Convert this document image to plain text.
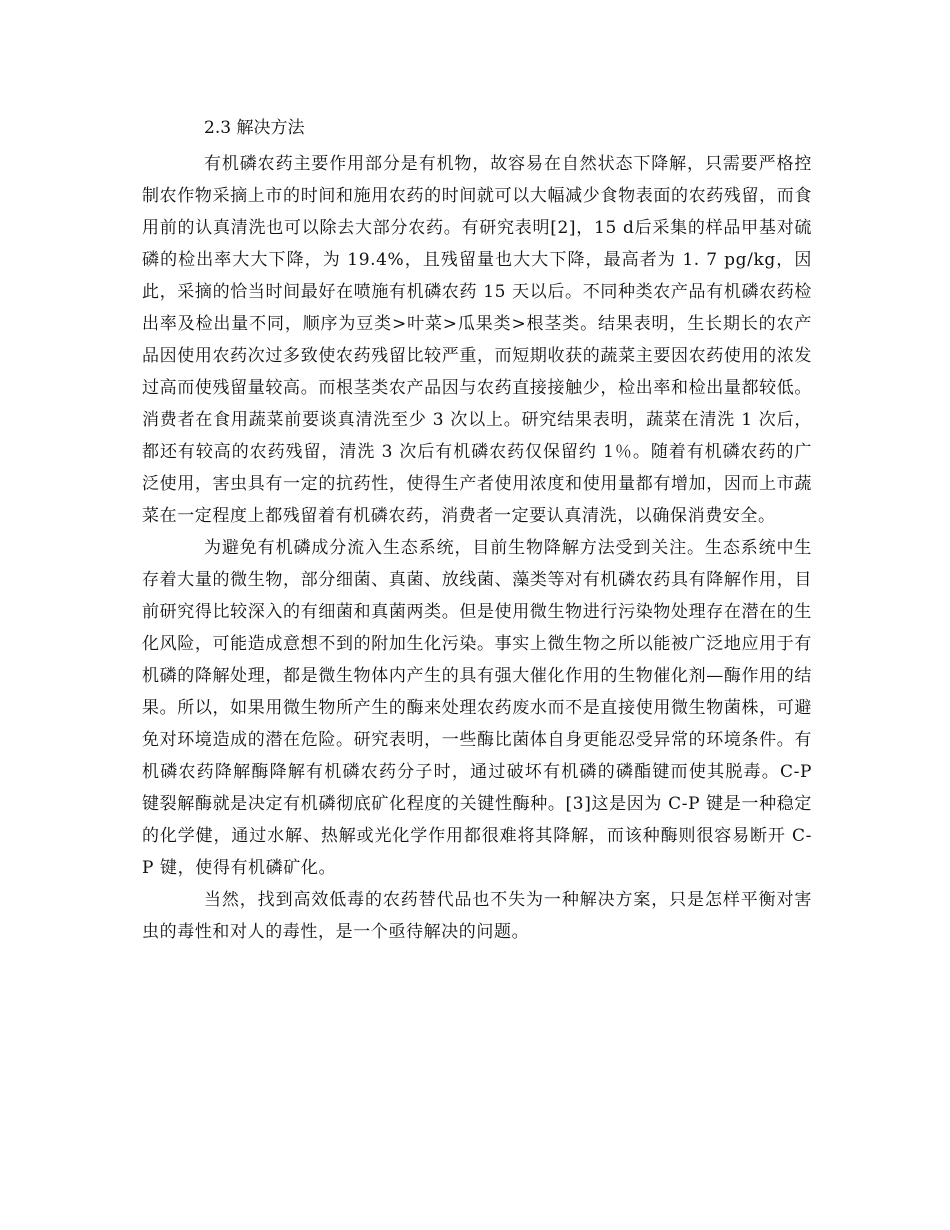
2.3 解决方法

有机磷农药主要作用部分是有机物，故容易在自然状态下降解，只需要严格控制农作物采摘上市的时间和施用农药的时间就可以大幅减少食物表面的农药残留，而食用前的认真清洗也可以除去大部分农药。有研究表明[2]，15 d后采集的样品甲基对硫磷的检出率大大下降，为 19.4%，且残留量也大大下降，最高者为 1. 7 pg/kg，因此，采摘的恰当时间最好在喷施有机磷农药 15 天以后。不同种类农产品有机磷农药检出率及检出量不同，顺序为豆类>叶菜>瓜果类>根茎类。结果表明，生长期长的农产品因使用农药次过多致使农药残留比较严重，而短期收获的蔬菜主要因农药使用的浓发过高而使残留量较高。而根茎类农产品因与农药直接接触少，检出率和检出量都较低。消费者在食用蔬菜前要谈真清洗至少 3 次以上。研究结果表明，蔬菜在清洗 1 次后，都还有较高的农药残留，清洗 3 次后有机磷农药仅保留约 1％。随着有机磷农药的广泛使用，害虫具有一定的抗药性，使得生产者使用浓度和使用量都有增加，因而上市蔬菜在一定程度上都残留着有机磷农药，消费者一定要认真清洗，以确保消费安全。

为避免有机磷成分流入生态系统，目前生物降解方法受到关注。生态系统中生存着大量的微生物，部分细菌、真菌、放线菌、藻类等对有机磷农药具有降解作用，目前研究得比较深入的有细菌和真菌两类。但是使用微生物进行污染物处理存在潜在的生化风险，可能造成意想不到的附加生化污染。事实上微生物之所以能被广泛地应用于有机磷的降解处理，都是微生物体内产生的具有强大催化作用的生物催化剂—酶作用的结果。所以，如果用微生物所产生的酶来处理农药废水而不是直接使用微生物菌株，可避免对环境造成的潜在危险。研究表明，一些酶比菌体自身更能忍受异常的环境条件。有机磷农药降解酶降解有机磷农药分子时，通过破坏有机磷的磷酯键而使其脱毒。C-P 键裂解酶就是决定有机磷彻底矿化程度的关键性酶种。[3]这是因为 C-P 键是一种稳定的化学健，通过水解、热解或光化学作用都很难将其降解，而该种酶则很容易断开 C-P 键，使得有机磷矿化。

当然，找到高效低毒的农药替代品也不失为一种解决方案，只是怎样平衡对害虫的毒性和对人的毒性，是一个亟待解决的问题。
